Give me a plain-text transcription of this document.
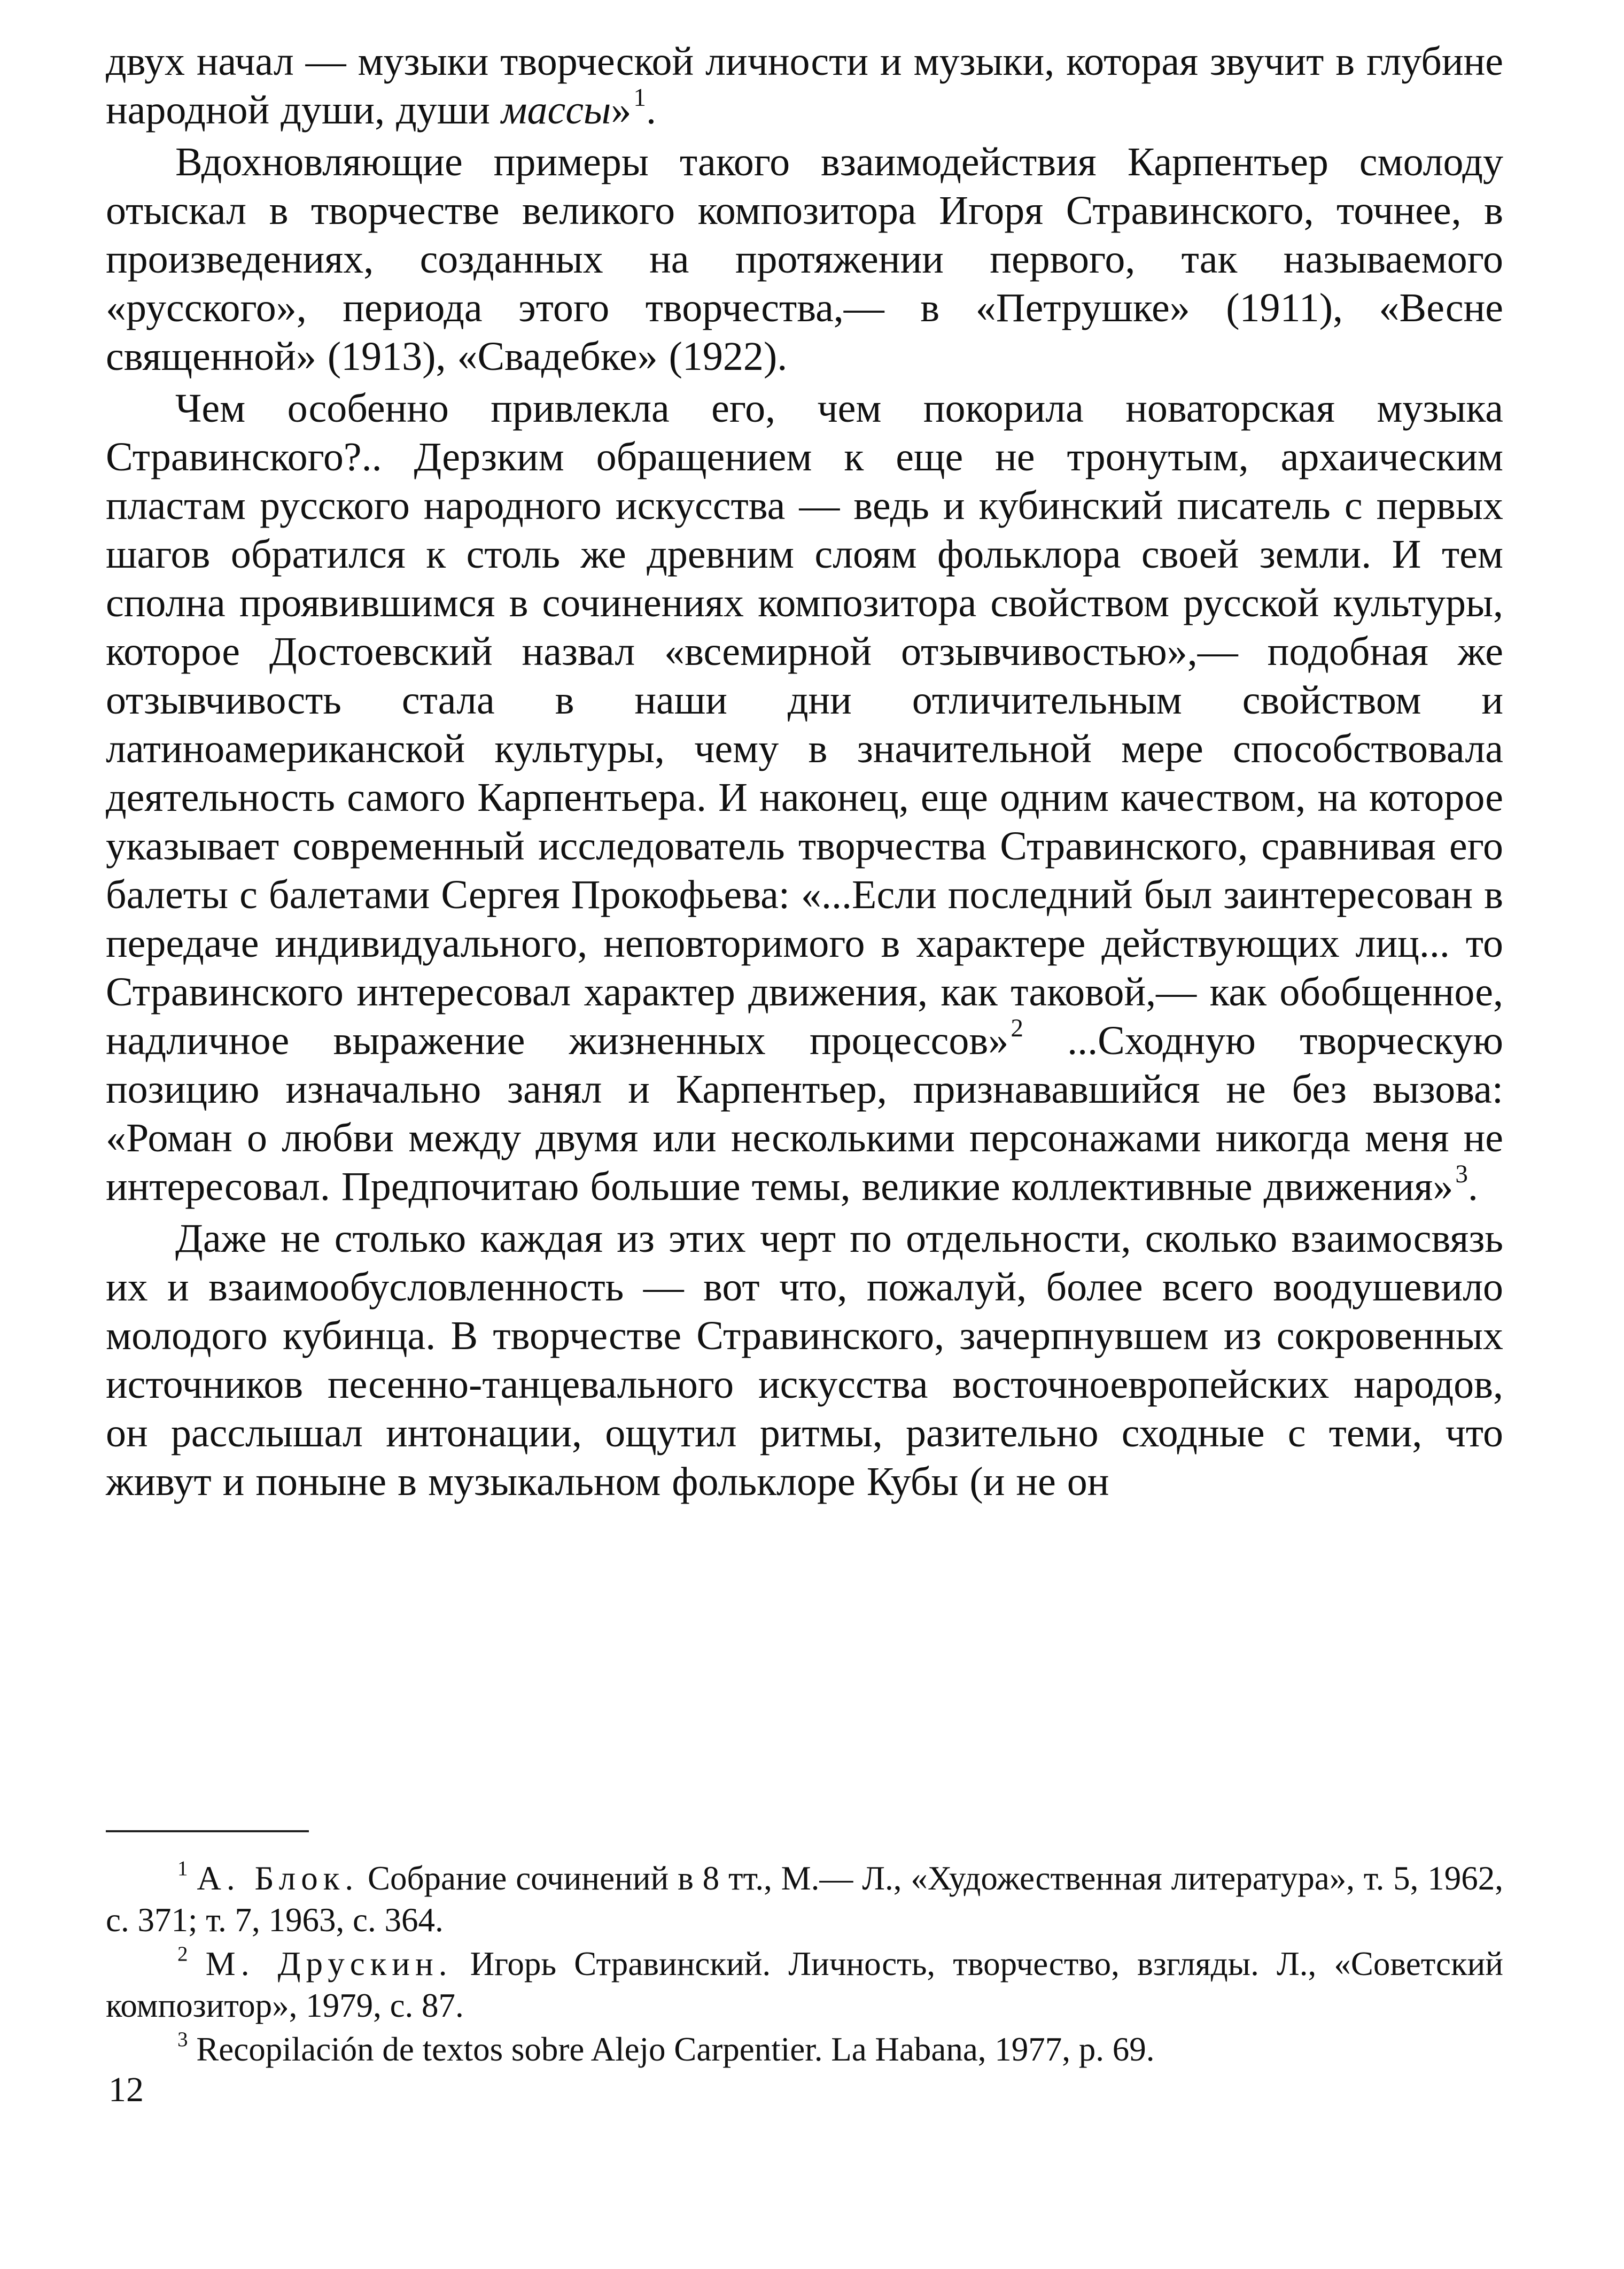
двух начал — музыки творческой личности и музыки, которая звучит в глубине народной души, души массы»$^1$.

Вдохновляющие примеры такого взаимодействия Карпентьер смолоду отыскал в творчестве великого композитора Игоря Стравинского, точнее, в произведениях, созданных на протяжении первого, так называемого «русского», периода этого творчества,— в «Петрушке» (1911), «Весне священной» (1913), «Свадебке» (1922).

Чем особенно привлекла его, чем покорила новаторская музыка Стравинского?.. Дерзким обращением к еще не тронутым, архаическим пластам русского народного искусства — ведь и кубинский писатель с первых шагов обратился к столь же древним слоям фольклора своей земли. И тем сполна проявившимся в сочинениях композитора свойством русской культуры, которое Достоевский назвал «всемирной отзывчивостью»,— подобная же отзывчивость стала в наши дни отличительным свойством и латиноамериканской культуры, чему в значительной мере способствовала деятельность самого Карпентьера. И наконец, еще одним качеством, на которое указывает современный исследователь творчества Стравинского, сравнивая его балеты с балетами Сергея Прокофьева: «...Если последний был заинтересован в передаче индивидуального, неповторимого в характере действующих лиц... то Стравинского интересовал характер движения, как таковой,— как обобщенное, надличное выражение жизненных процессов»$^2$ ...Сходную творческую позицию изначально занял и Карпентьер, признававшийся не без вызова: «Роман о любви между двумя или несколькими персонажами никогда меня не интересовал. Предпочитаю большие темы, великие коллективные движения»$^3$.

Даже не столько каждая из этих черт по отдельности, сколько взаимосвязь их и взаимообусловленность — вот что, пожалуй, более всего воодушевило молодого кубинца. В творчестве Стравинского, зачерпнувшем из сокровенных источников песенно-танцевального искусства восточноевропейских народов, он расслышал интонации, ощутил ритмы, разительно сходные с теми, что живут и поныне в музыкальном фольклоре Кубы (и не он

$^1$ А. Блок. Собрание сочинений в 8 тт., М.— Л., «Художественная литература», т. 5, 1962, с. 371; т. 7, 1963, с. 364.

$^2$ М. Друскин. Игорь Стравинский. Личность, творчество, взгляды. Л., «Советский композитор», 1979, с. 87.

$^3$ Recopilación de textos sobre Alejo Carpentier. La Habana, 1977, p. 69.

12
